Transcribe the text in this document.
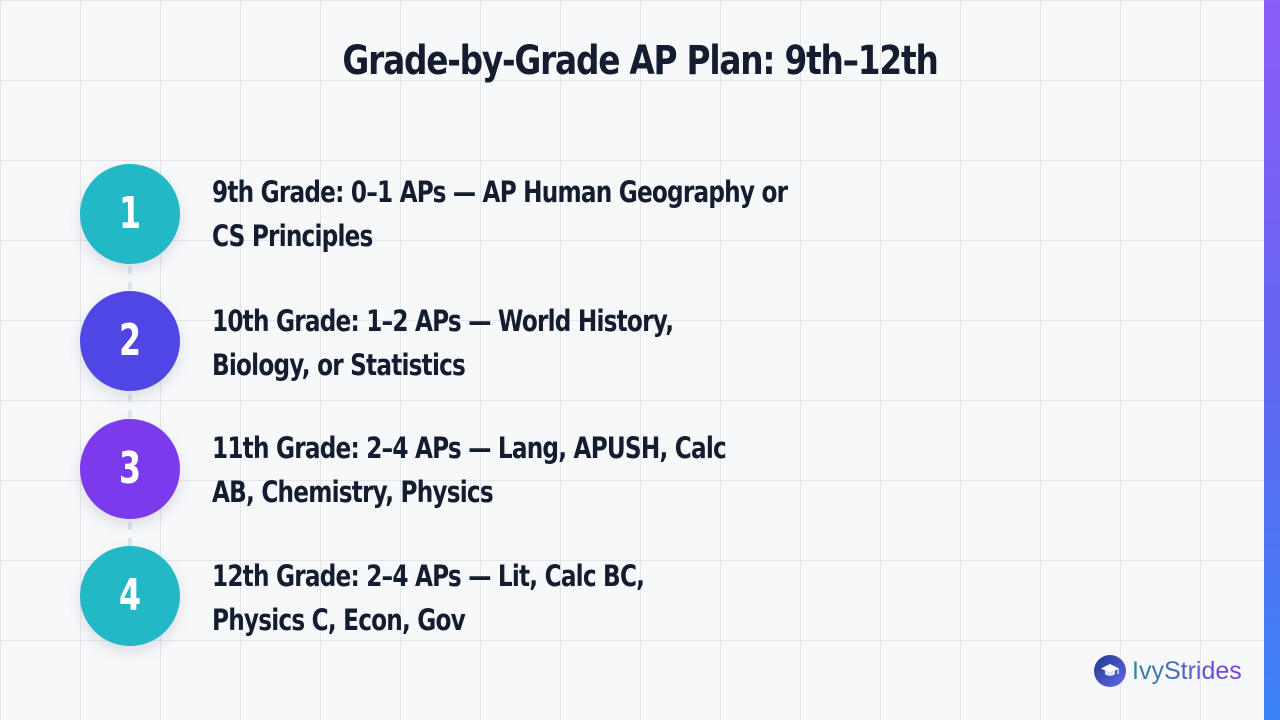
Grade-by-Grade AP Plan: 9th–12th
1	9th Grade: 0–1 APs — AP Human Geography or CS Principles

2	10th Grade: 1–2 APs — World History, Biology, or Statistics

3	11th Grade: 2–4 APs — Lang, APUSH, Calc AB, Chemistry, Physics

4	12th Grade: 2–4 APs — Lit, Calc BC, Physics C, Econ, Gov

IvyStrides
